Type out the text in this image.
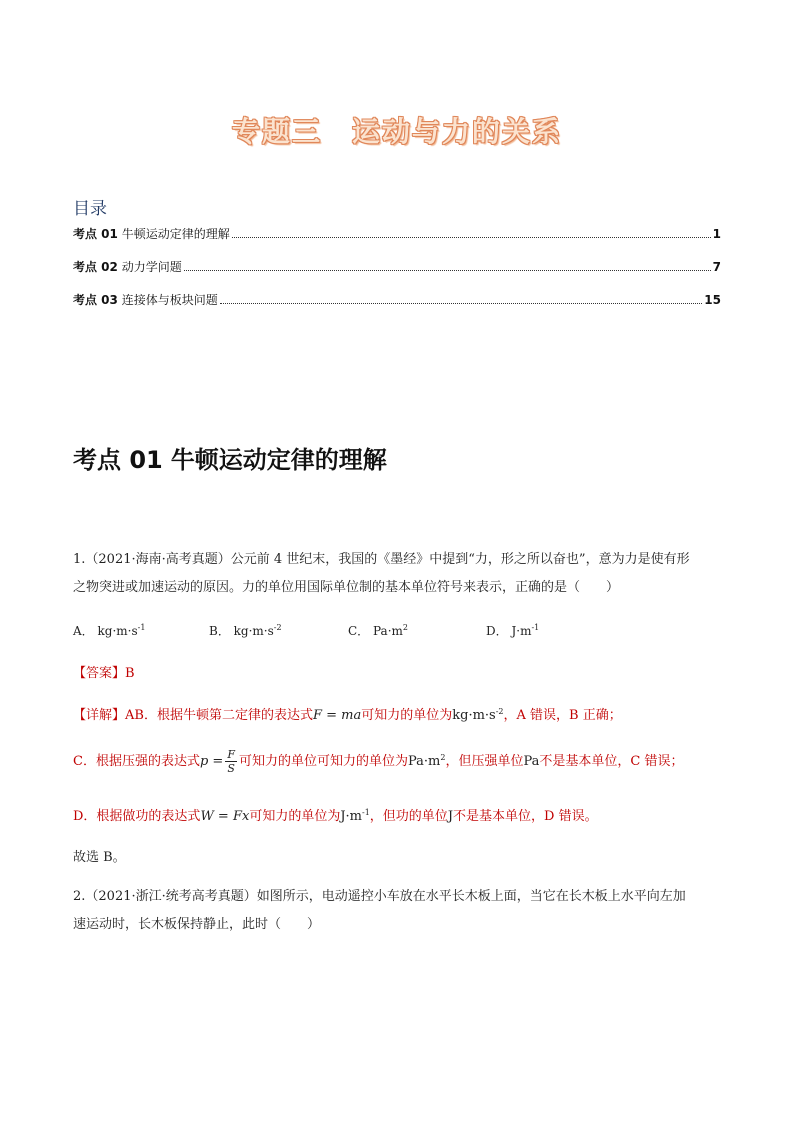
专题三 运动与力的关系
目录
考点 01 牛顿运动定律的理解	1
考点 02 动力学问题	7
考点 03 连接体与板块问题	15
考点 01 牛顿运动定律的理解
1.（2021·海南·高考真题）公元前 4 世纪末，我国的《墨经》中提到“力，形之所以奋也”，意为力是使有形
之物突进或加速运动的原因。力的单位用国际单位制的基本单位符号来表示，正确的是（　　）
A． $kg\cdot m\cdot s^{-1}$	B． $kg\cdot m\cdot s^{-2}$	C． $Pa\cdot m^2$	D． $J\cdot m^{-1}$
【答案】B
【详解】AB．根据牛顿第二定律的表达式F = ma可知力的单位为$kg\cdot m\cdot s^{-2}$，A 错误，B 正确；
C．根据压强的表达式$p = \frac{F}{S}$ 可知力的单位可知力的单位为$Pa\cdot m^2$，但压强单位Pa不是基本单位，C 错误；
D．根据做功的表达式W = Fx可知力的单位为$J\cdot m^{-1}$，但功的单位J不是基本单位，D 错误。
故选 B。
2.（2021·浙江·统考高考真题）如图所示，电动遥控小车放在水平长木板上面，当它在长木板上水平向左加
速运动时，长木板保持静止，此时（　　）
